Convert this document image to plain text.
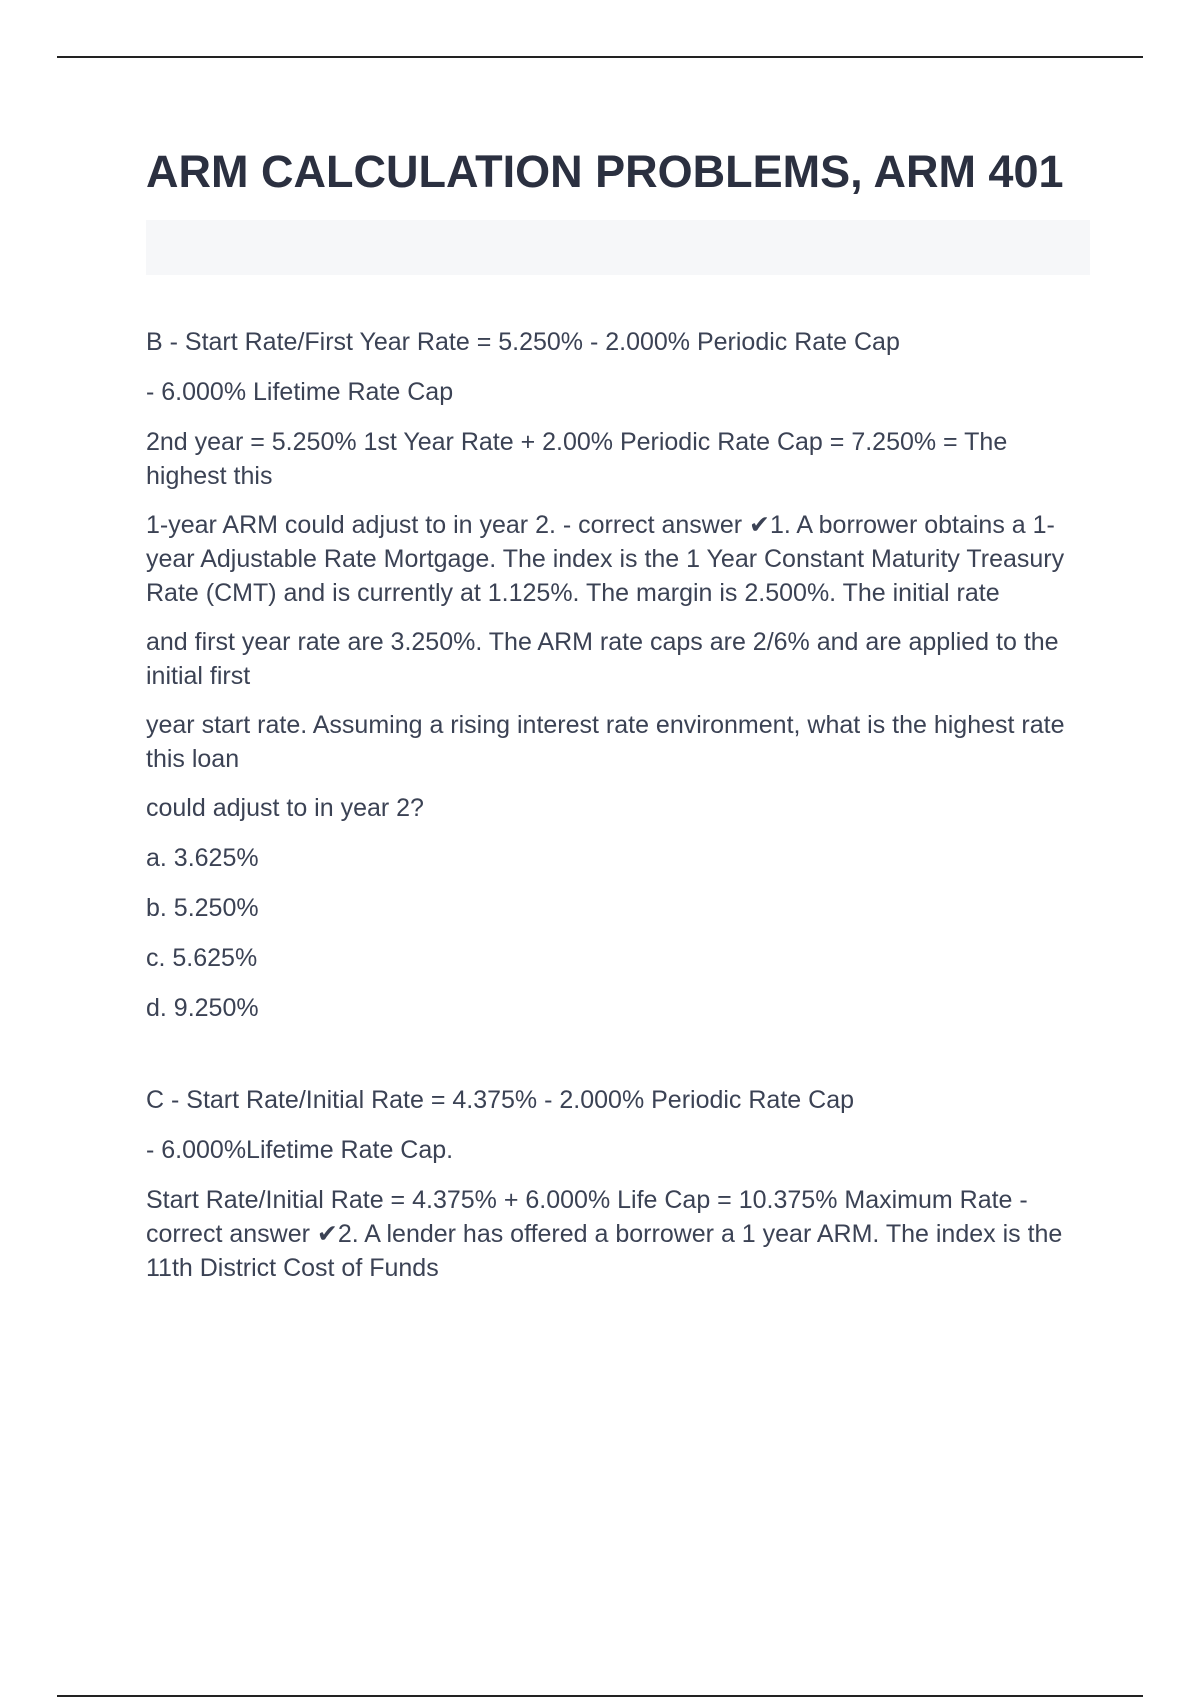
ARM CALCULATION PROBLEMS, ARM 401

B - Start Rate/First Year Rate = 5.250% - 2.000% Periodic Rate Cap

- 6.000% Lifetime Rate Cap

2nd year = 5.250% 1st Year Rate + 2.00% Periodic Rate Cap = 7.250% = The highest this

1-year ARM could adjust to in year 2. - correct answer ✔1. A borrower obtains a 1-year Adjustable Rate Mortgage. The index is the 1 Year Constant Maturity Treasury Rate (CMT) and is currently at 1.125%. The margin is 2.500%. The initial rate

and first year rate are 3.250%. The ARM rate caps are 2/6% and are applied to the initial first

year start rate. Assuming a rising interest rate environment, what is the highest rate this loan

could adjust to in year 2?

a. 3.625%

b. 5.250%

c. 5.625%

d. 9.250%

C - Start Rate/Initial Rate = 4.375% - 2.000% Periodic Rate Cap

- 6.000%Lifetime Rate Cap.

Start Rate/Initial Rate = 4.375% + 6.000% Life Cap = 10.375% Maximum Rate - correct answer ✔2. A lender has offered a borrower a 1 year ARM. The index is the 11th District Cost of Funds
